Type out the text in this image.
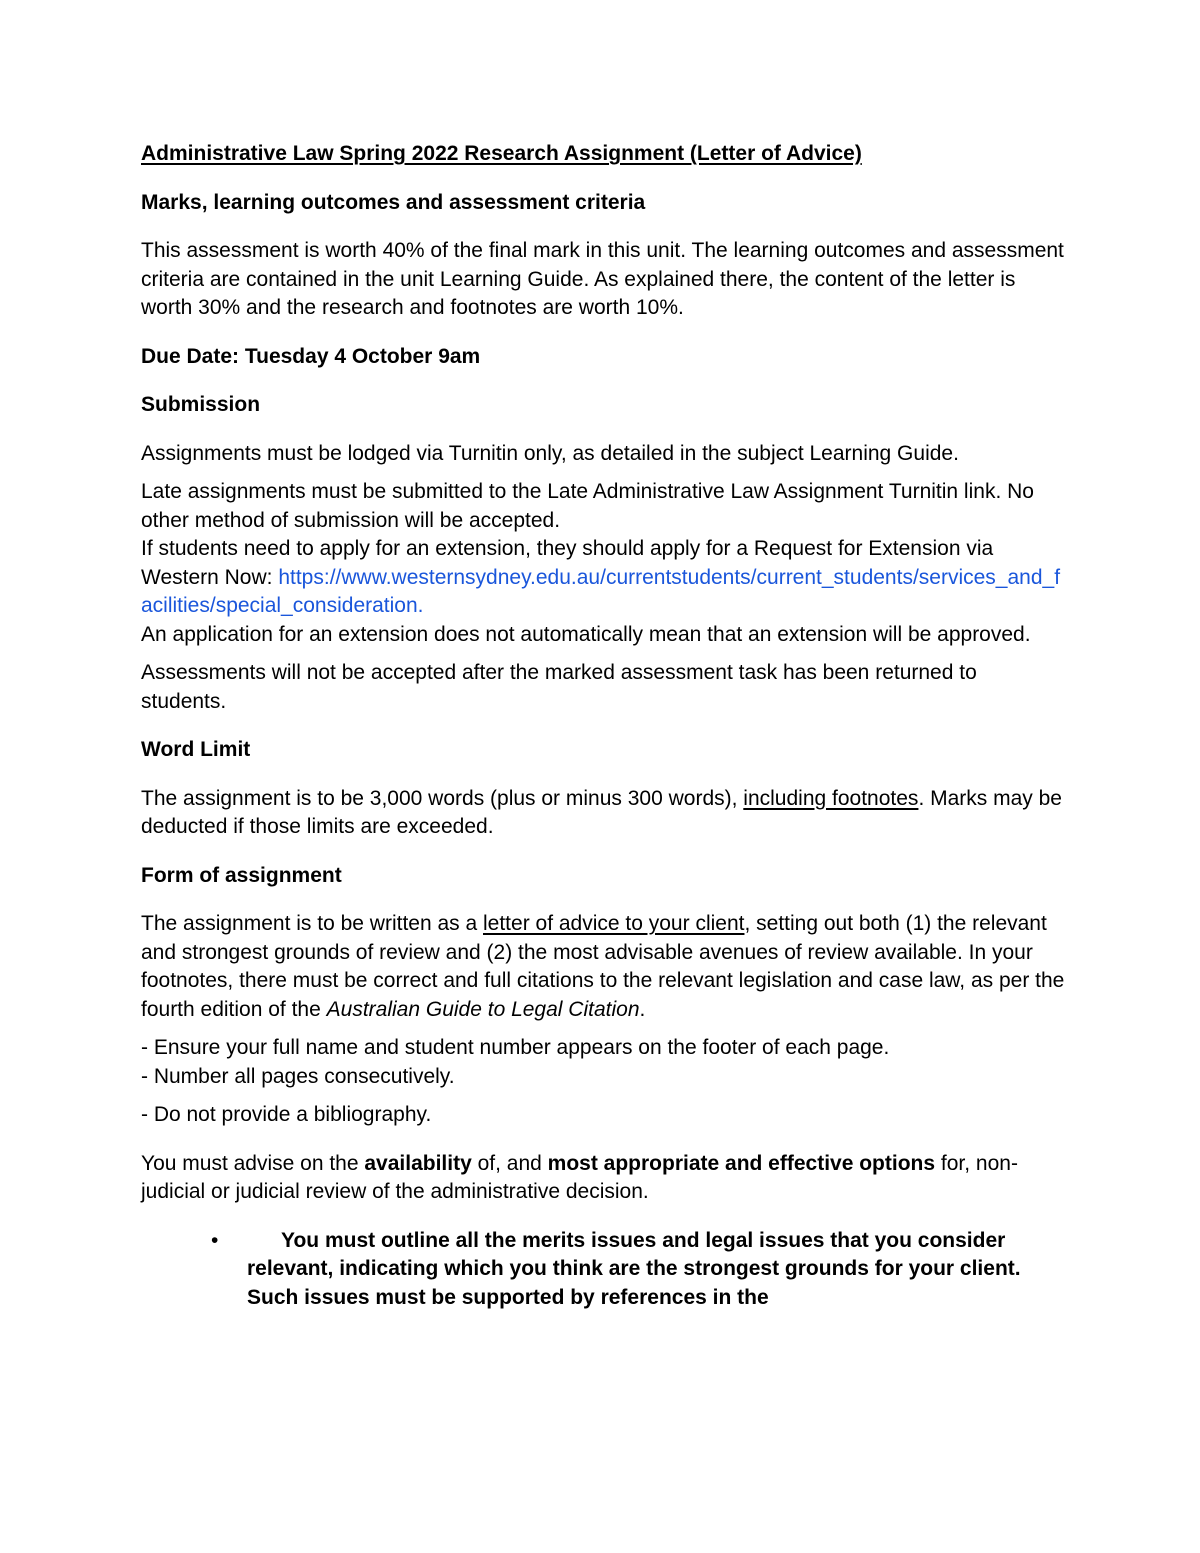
Administrative Law Spring 2022 Research Assignment (Letter of Advice)

Marks, learning outcomes and assessment criteria

This assessment is worth 40% of the final mark in this unit. The learning outcomes and assessment criteria are contained in the unit Learning Guide. As explained there, the content of the letter is worth 30% and the research and footnotes are worth 10%.

Due Date: Tuesday 4 October 9am

Submission

Assignments must be lodged via Turnitin only, as detailed in the subject Learning Guide.

Late assignments must be submitted to the Late Administrative Law Assignment Turnitin link. No other method of submission will be accepted.

If students need to apply for an extension, they should apply for a Request for Extension via Western Now: https://www.westernsydney.edu.au/currentstudents/current_students/services_and_facilities/special_consideration.

An application for an extension does not automatically mean that an extension will be approved.

Assessments will not be accepted after the marked assessment task has been returned to students.

Word Limit

The assignment is to be 3,000 words (plus or minus 300 words), including footnotes. Marks may be deducted if those limits are exceeded.

Form of assignment

The assignment is to be written as a letter of advice to your client, setting out both (1) the relevant and strongest grounds of review and (2) the most advisable avenues of review available. In your footnotes, there must be correct and full citations to the relevant legislation and case law, as per the fourth edition of the Australian Guide to Legal Citation.

- Ensure your full name and student number appears on the footer of each page.

- Number all pages consecutively.

- Do not provide a bibliography.

You must advise on the availability of, and most appropriate and effective options for, non-judicial or judicial review of the administrative decision.

•	You must outline all the merits issues and legal issues that you consider relevant, indicating which you think are the strongest grounds for your client. Such issues must be supported by references in the
